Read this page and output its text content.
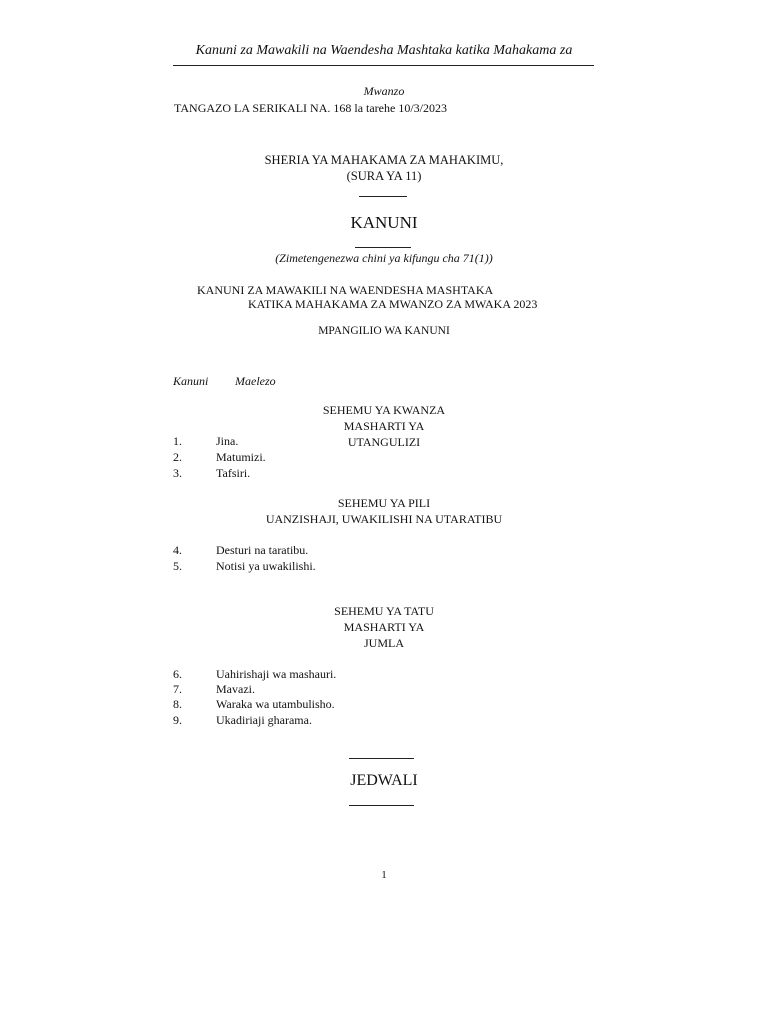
Kanuni za Mawakili na Waendesha Mashtaka katika Mahakama za
Mwanzo
TANGAZO LA SERIKALI NA. 168 la tarehe 10/3/2023
SHERIA YA MAHAKAMA ZA MAHAKIMU,
(SURA YA 11)
KANUNI
(Zimetengenezwa chini ya kifungu cha 71(1))
KANUNI ZA MAWAKILI NA WAENDESHA MASHTAKA
KATIKA MAHAKAMA ZA MWANZO ZA MWAKA 2023
MPANGILIO WA KANUNI
Kanuni Maelezo
SEHEMU YA KWANZA
MASHARTI YA
UTANGULIZI
1.	Jina.
2.	Matumizi.
3.	Tafsiri.
SEHEMU YA PILI
UANZISHAJI, UWAKILISHI NA UTARATIBU
4.	Desturi na taratibu.
5.	Notisi ya uwakilishi.
SEHEMU YA TATU
MASHARTI YA
JUMLA
6.	Uahirishaji wa mashauri.
7.	Mavazi.
8.	Waraka wa utambulisho.
9.	Ukadiriaji gharama.
JEDWALI
1
